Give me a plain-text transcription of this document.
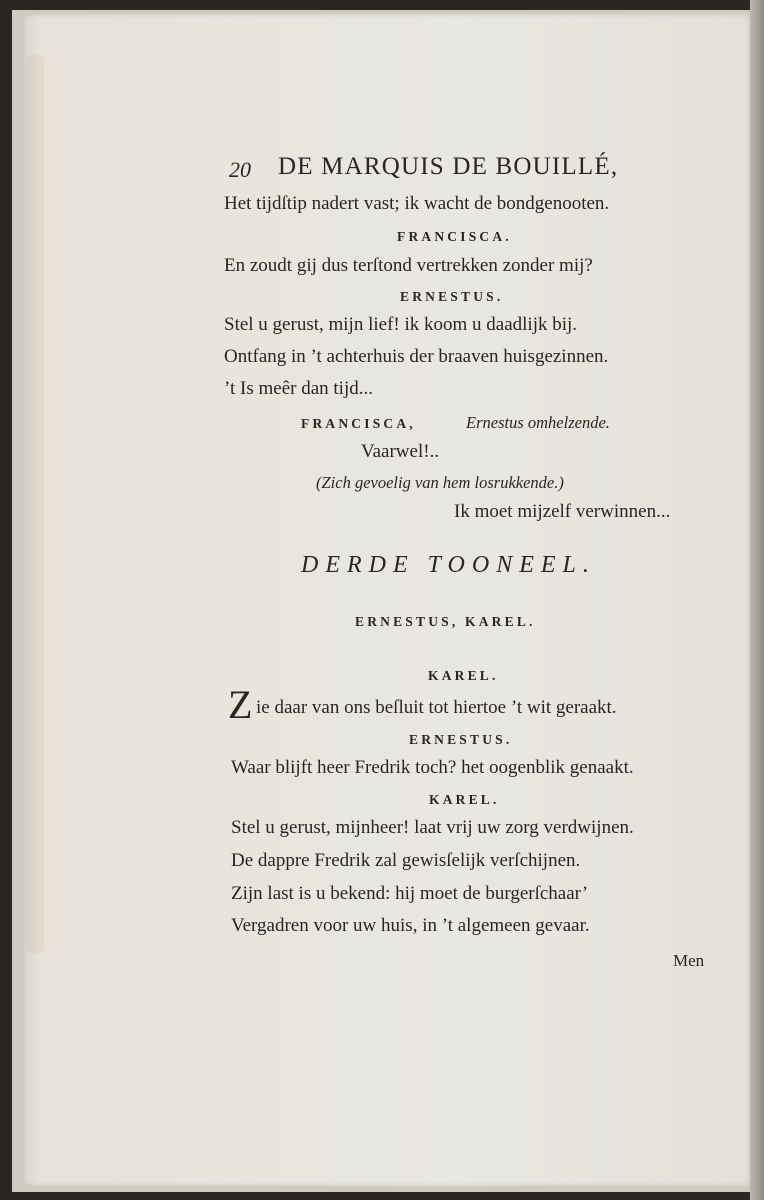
20 DE MARQUIS DE BOUILLÉ,
Het tijdſtip nadert vast; ik wacht de bondgenooten.
FRANCISCA.
En zoudt gij dus terſtond vertrekken zonder mij?
ERNESTUS.
Stel u gerust, mijn lief! ik koom u daadlijk bij.
Ontfang in ’t achterhuis der braaven huisgezinnen.
’t Is meêr dan tijd...
FRANCISCA,	Ernestus omhelzende.
Vaarwel!..
(Zich gevoelig van hem losrukkende.)
Ik moet mijzelf verwinnen...
DERDE TOONEEL.
ERNESTUS, KAREL.
KAREL.
Z ie daar van ons beſluit tot hiertoe ’t wit geraakt.
ERNESTUS.
Waar blijft heer Fredrik toch? het oogenblik genaakt.
KAREL.
Stel u gerust, mijnheer! laat vrij uw zorg verdwijnen.
De dappre Fredrik zal gewisſelijk verſchijnen.
Zijn last is u bekend: hij moet de burgerſchaar’
Vergadren voor uw huis, in ’t algemeen gevaar.
Men
